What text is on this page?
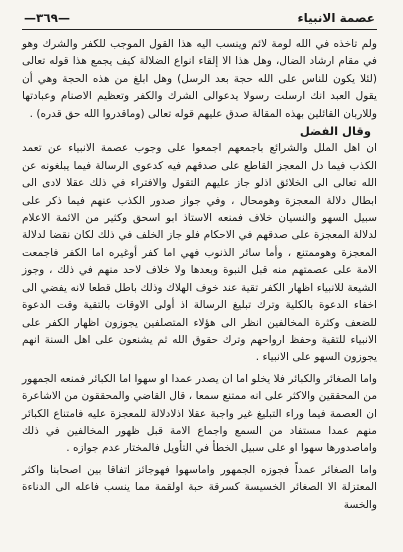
عصمة الانبياء
—٣٦٩—

ولم تاخذه في الله لومة لائم وينسب اليه هذا القول الموجب للكفر والشرك وهو في مقام ارشاد الضال، وهل هذا الا إلقاء انواع الضلالة كيف يجمع هذا قوله تعالى (لئلا يكون للناس على الله حجة بعد الرسل) وهل ابلغ من هذه الحجة وهي أن يقول العبد انك ارسلت رسولا يدعوالى الشرك والكفر وتعظيم الاصنام وعبادتها وللاربان القائلين بهذه المقالة صدق عليهم قوله تعالى (وماقدروا الله حق قدره) .

وقال الفضل

ان اهل الملل والشرائع باجمعهم اجمعوا على وجوب عصمة الانبياء عن تعمد الكذب فيما دل المعجز القاطع على صدقهم فيه كدعوى الرسالة فيما يبلغونه عن الله تعالى الى الخلائق اذلو جاز عليهم التقول والافتراء في ذلك عقلا لادى الى ابطال دلالة المعجزة وهومحال ، وفي جواز صدور الكذب عنهم فيما ذكر على سبيل السهو والنسيان خلاف فمنعه الاستاذ ابو اسحق وكثير من الائمة الاعلام لدلالة المعجزة على صدقهم في الاحكام فلو جاز الخلف في ذلك لكان نقضا لدلالة المعجزة وهوممتنع ، وأما سائر الذنوب فهي اما كفر أوغيره اما الكفر فاجمعت الامة على عصمتهم منه قبل النبوة وبعدها ولا خلاف لاحد منهم في ذلك ، وجوز الشيعة للانبياء اظهار الكفر تقية عند خوف الهلاك وذلك باطل قطعا لانه يفضي الى اخفاء الدعوة بالكلية وترك تبليغ الرسالة اذ أولى الاوقات بالتقية وقت الدعوة للضعف وكثرة المخالفين انظر الى هؤلاء المتصلفين يجوزون اظهار الكفر على الانبياء للتقية وحفظ ارواحهم وترك حقوق الله ثم يشنعون على اهل السنة انهم يجوزون السهو على الانبياء .

واما الصغائر والكبائر فلا يخلو اما ان يصدر عمدا او سهوا اما الكبائر فمنعه الجمهور من المحققين والاكثر على انه ممتنع سمعا ، قال القاضي والمحققون من الاشاعرة ان العصمة فيما وراء التبليغ غير واجبة عقلا اذلادلالة للمعجزة عليه فامتناع الكبائر منهم عمدا مستفاد من السمع واجماع الامة قبل ظهور المخالفين في ذلك واماصدورها سهوا او على سبيل الخطأ في التأويل فالمختار عدم جوازه .

واما الصغائر عمداً فجوزه الجمهور واماسهوا فهوجائز اتفاقا بين اصحابنا واكثر المعتزلة الا الصغائر الخسيسة كسرقة حبة اولقمة مما ينسب فاعله الى الدناءة والخسة
